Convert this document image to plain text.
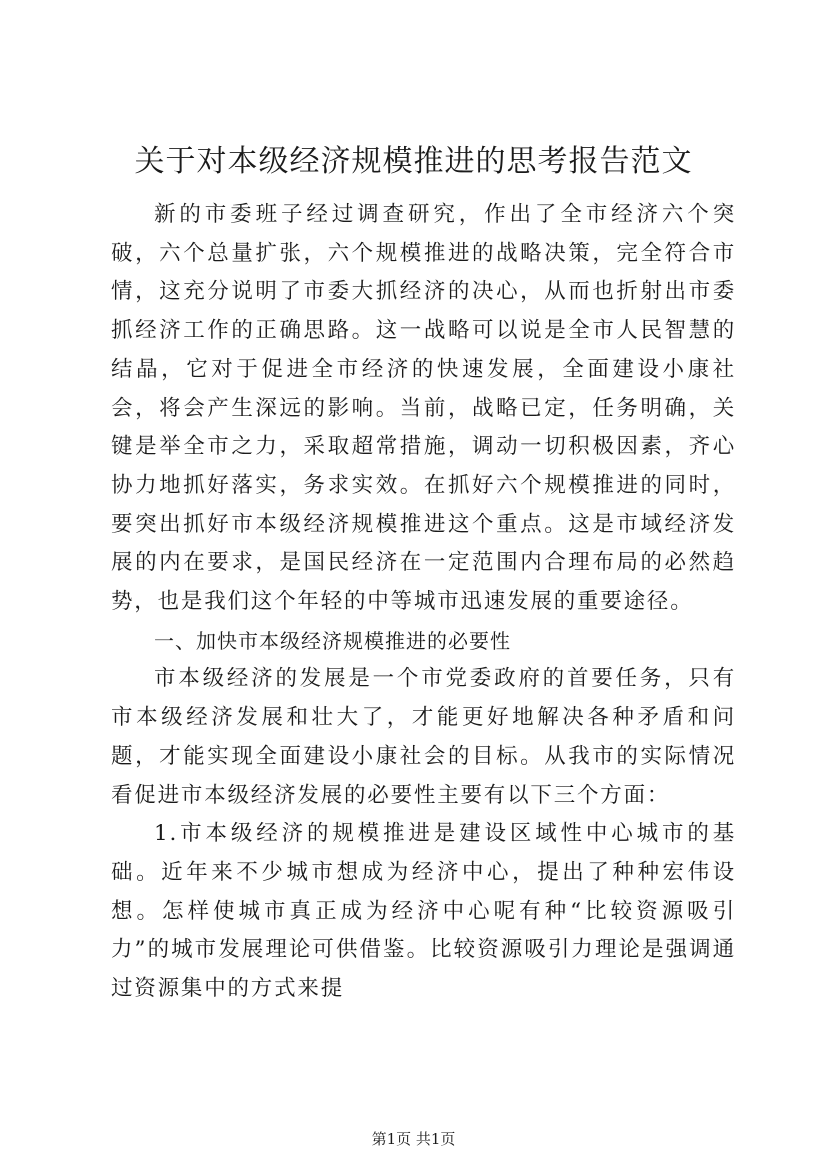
关于对本级经济规模推进的思考报告范文

新的市委班子经过调查研究，作出了全市经济六个突破，六个总量扩张，六个规模推进的战略决策，完全符合市情，这充分说明了市委大抓经济的决心，从而也折射出市委抓经济工作的正确思路。这一战略可以说是全市人民智慧的结晶，它对于促进全市经济的快速发展，全面建设小康社会，将会产生深远的影响。当前，战略已定，任务明确，关键是举全市之力，采取超常措施，调动一切积极因素，齐心协力地抓好落实，务求实效。在抓好六个规模推进的同时，要突出抓好市本级经济规模推进这个重点。这是市域经济发展的内在要求，是国民经济在一定范围内合理布局的必然趋势，也是我们这个年轻的中等城市迅速发展的重要途径。

一、加快市本级经济规模推进的必要性

市本级经济的发展是一个市党委政府的首要任务，只有市本级经济发展和壮大了，才能更好地解决各种矛盾和问题，才能实现全面建设小康社会的目标。从我市的实际情况看促进市本级经济发展的必要性主要有以下三个方面：

1.市本级经济的规模推进是建设区域性中心城市的基础。近年来不少城市想成为经济中心，提出了种种宏伟设想。怎样使城市真正成为经济中心呢有种“比较资源吸引力”的城市发展理论可供借鉴。比较资源吸引力理论是强调通过资源集中的方式来提

第1页 共1页
